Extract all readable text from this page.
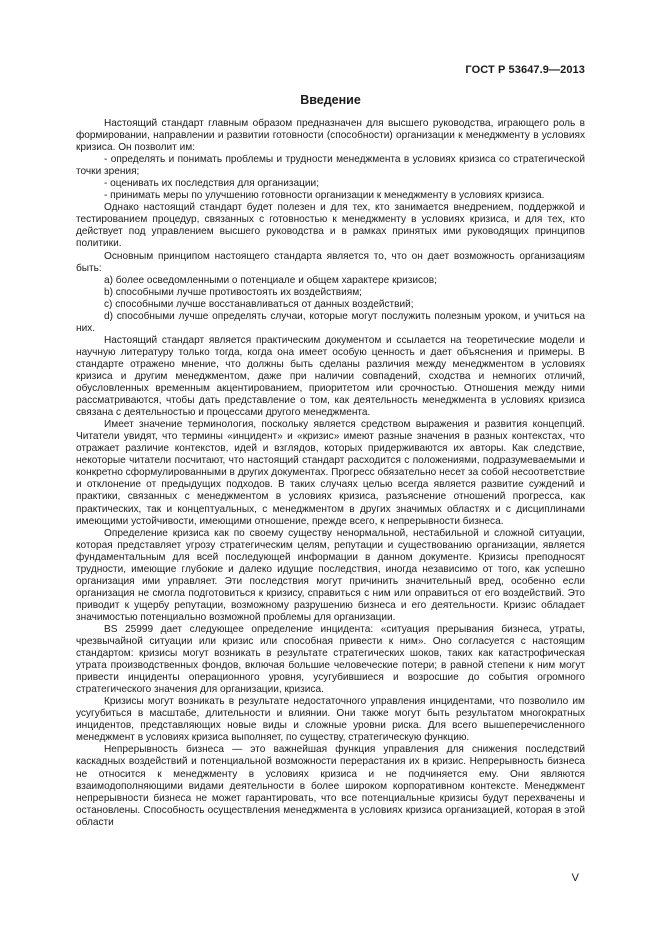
ГОСТ Р 53647.9—2013
Введение

Настоящий стандарт главным образом предназначен для высшего руководства, играющего роль в формировании, направлении и развитии готовности (способности) организации к менеджменту в условиях кризиса. Он позволит им:

- определять и понимать проблемы и трудности менеджмента в условиях кризиса со стратегической точки зрения;

- оценивать их последствия для организации;

- принимать меры по улучшению готовности организации к менеджменту в условиях кризиса.

Однако настоящий стандарт будет полезен и для тех, кто занимается внедрением, поддержкой и тестированием процедур, связанных с готовностью к менеджменту в условиях кризиса, и для тех, кто действует под управлением высшего руководства и в рамках принятых ими руководящих принципов политики.

Основным принципом настоящего стандарта является то, что он дает возможность организациям быть:

a) более осведомленными о потенциале и общем характере кризисов;

b) способными лучше противостоять их воздействиям;

c) способными лучше восстанавливаться от данных воздействий;

d) способными лучше определять случаи, которые могут послужить полезным уроком, и учиться на них.

Настоящий стандарт является практическим документом и ссылается на теоретические модели и научную литературу только тогда, когда она имеет особую ценность и дает объяснения и примеры. В стандарте отражено мнение, что должны быть сделаны различия между менеджментом в условиях кризиса и другим менеджментом, даже при наличии совпадений, сходства и немногих отличий, обусловленных временным акцентированием, приоритетом или срочностью. Отношения между ними рассматриваются, чтобы дать представление о том, как деятельность менеджмента в условиях кризиса связана с деятельностью и процессами другого менеджмента.

Имеет значение терминология, поскольку является средством выражения и развития концепций. Читатели увидят, что термины «инцидент» и «кризис» имеют разные значения в разных контекстах, что отражает различие контекстов, идей и взглядов, которых придерживаются их авторы. Как следствие, некоторые читатели посчитают, что настоящий стандарт расходится с положениями, подразумеваемыми и конкретно сформулированными в других документах. Прогресс обязательно несет за собой несоответствие и отклонение от предыдущих подходов. В таких случаях целью всегда является развитие суждений и практики, связанных с менеджментом в условиях кризиса, разъяснение отношений прогресса, как практических, так и концептуальных, с менеджментом в других значимых областях и с дисциплинами имеющими устойчивости, имеющими отношение, прежде всего, к непрерывности бизнеса.

Определение кризиса как по своему существу ненормальной, нестабильной и сложной ситуации, которая представляет угрозу стратегическим целям, репутации и существованию организации, является фундаментальным для всей последующей информации в данном документе. Кризисы преподносят трудности, имеющие глубокие и далеко идущие последствия, иногда независимо от того, как успешно организация ими управляет. Эти последствия могут причинить значительный вред, особенно если организация не смогла подготовиться к кризису, справиться с ним или оправиться от его воздействий. Это приводит к ущербу репутации, возможному разрушению бизнеса и его деятельности. Кризис обладает значимостью потенциально возможной проблемы для организации.

BS 25999 дает следующее определение инцидента: «ситуация прерывания бизнеса, утраты, чрезвычайной ситуации или кризис или способная привести к ним». Оно согласуется с настоящим стандартом: кризисы могут возникать в результате стратегических шоков, таких как катастрофическая утрата производственных фондов, включая большие человеческие потери; в равной степени к ним могут привести инциденты операционного уровня, усугубившиеся и возросшие до события огромного стратегического значения для организации, кризиса.

Кризисы могут возникать в результате недостаточного управления инцидентами, что позволило им усугубиться в масштабе, длительности и влиянии. Они также могут быть результатом многократных инцидентов, представляющих новые виды и сложные уровни риска. Для всего вышеперечисленного менеджмент в условиях кризиса выполняет, по существу, стратегическую функцию.

Непрерывность бизнеса — это важнейшая функция управления для снижения последствий каскадных воздействий и потенциальной возможности перерастания их в кризис. Непрерывность бизнеса не относится к менеджменту в условиях кризиса и не подчиняется ему. Они являются взаимодополняющими видами деятельности в более широком корпоративном контексте. Менеджмент непрерывности бизнеса не может гарантировать, что все потенциальные кризисы будут перехвачены и остановлены. Способность осуществления менеджмента в условиях кризиса организацией, которая в этой области

V
